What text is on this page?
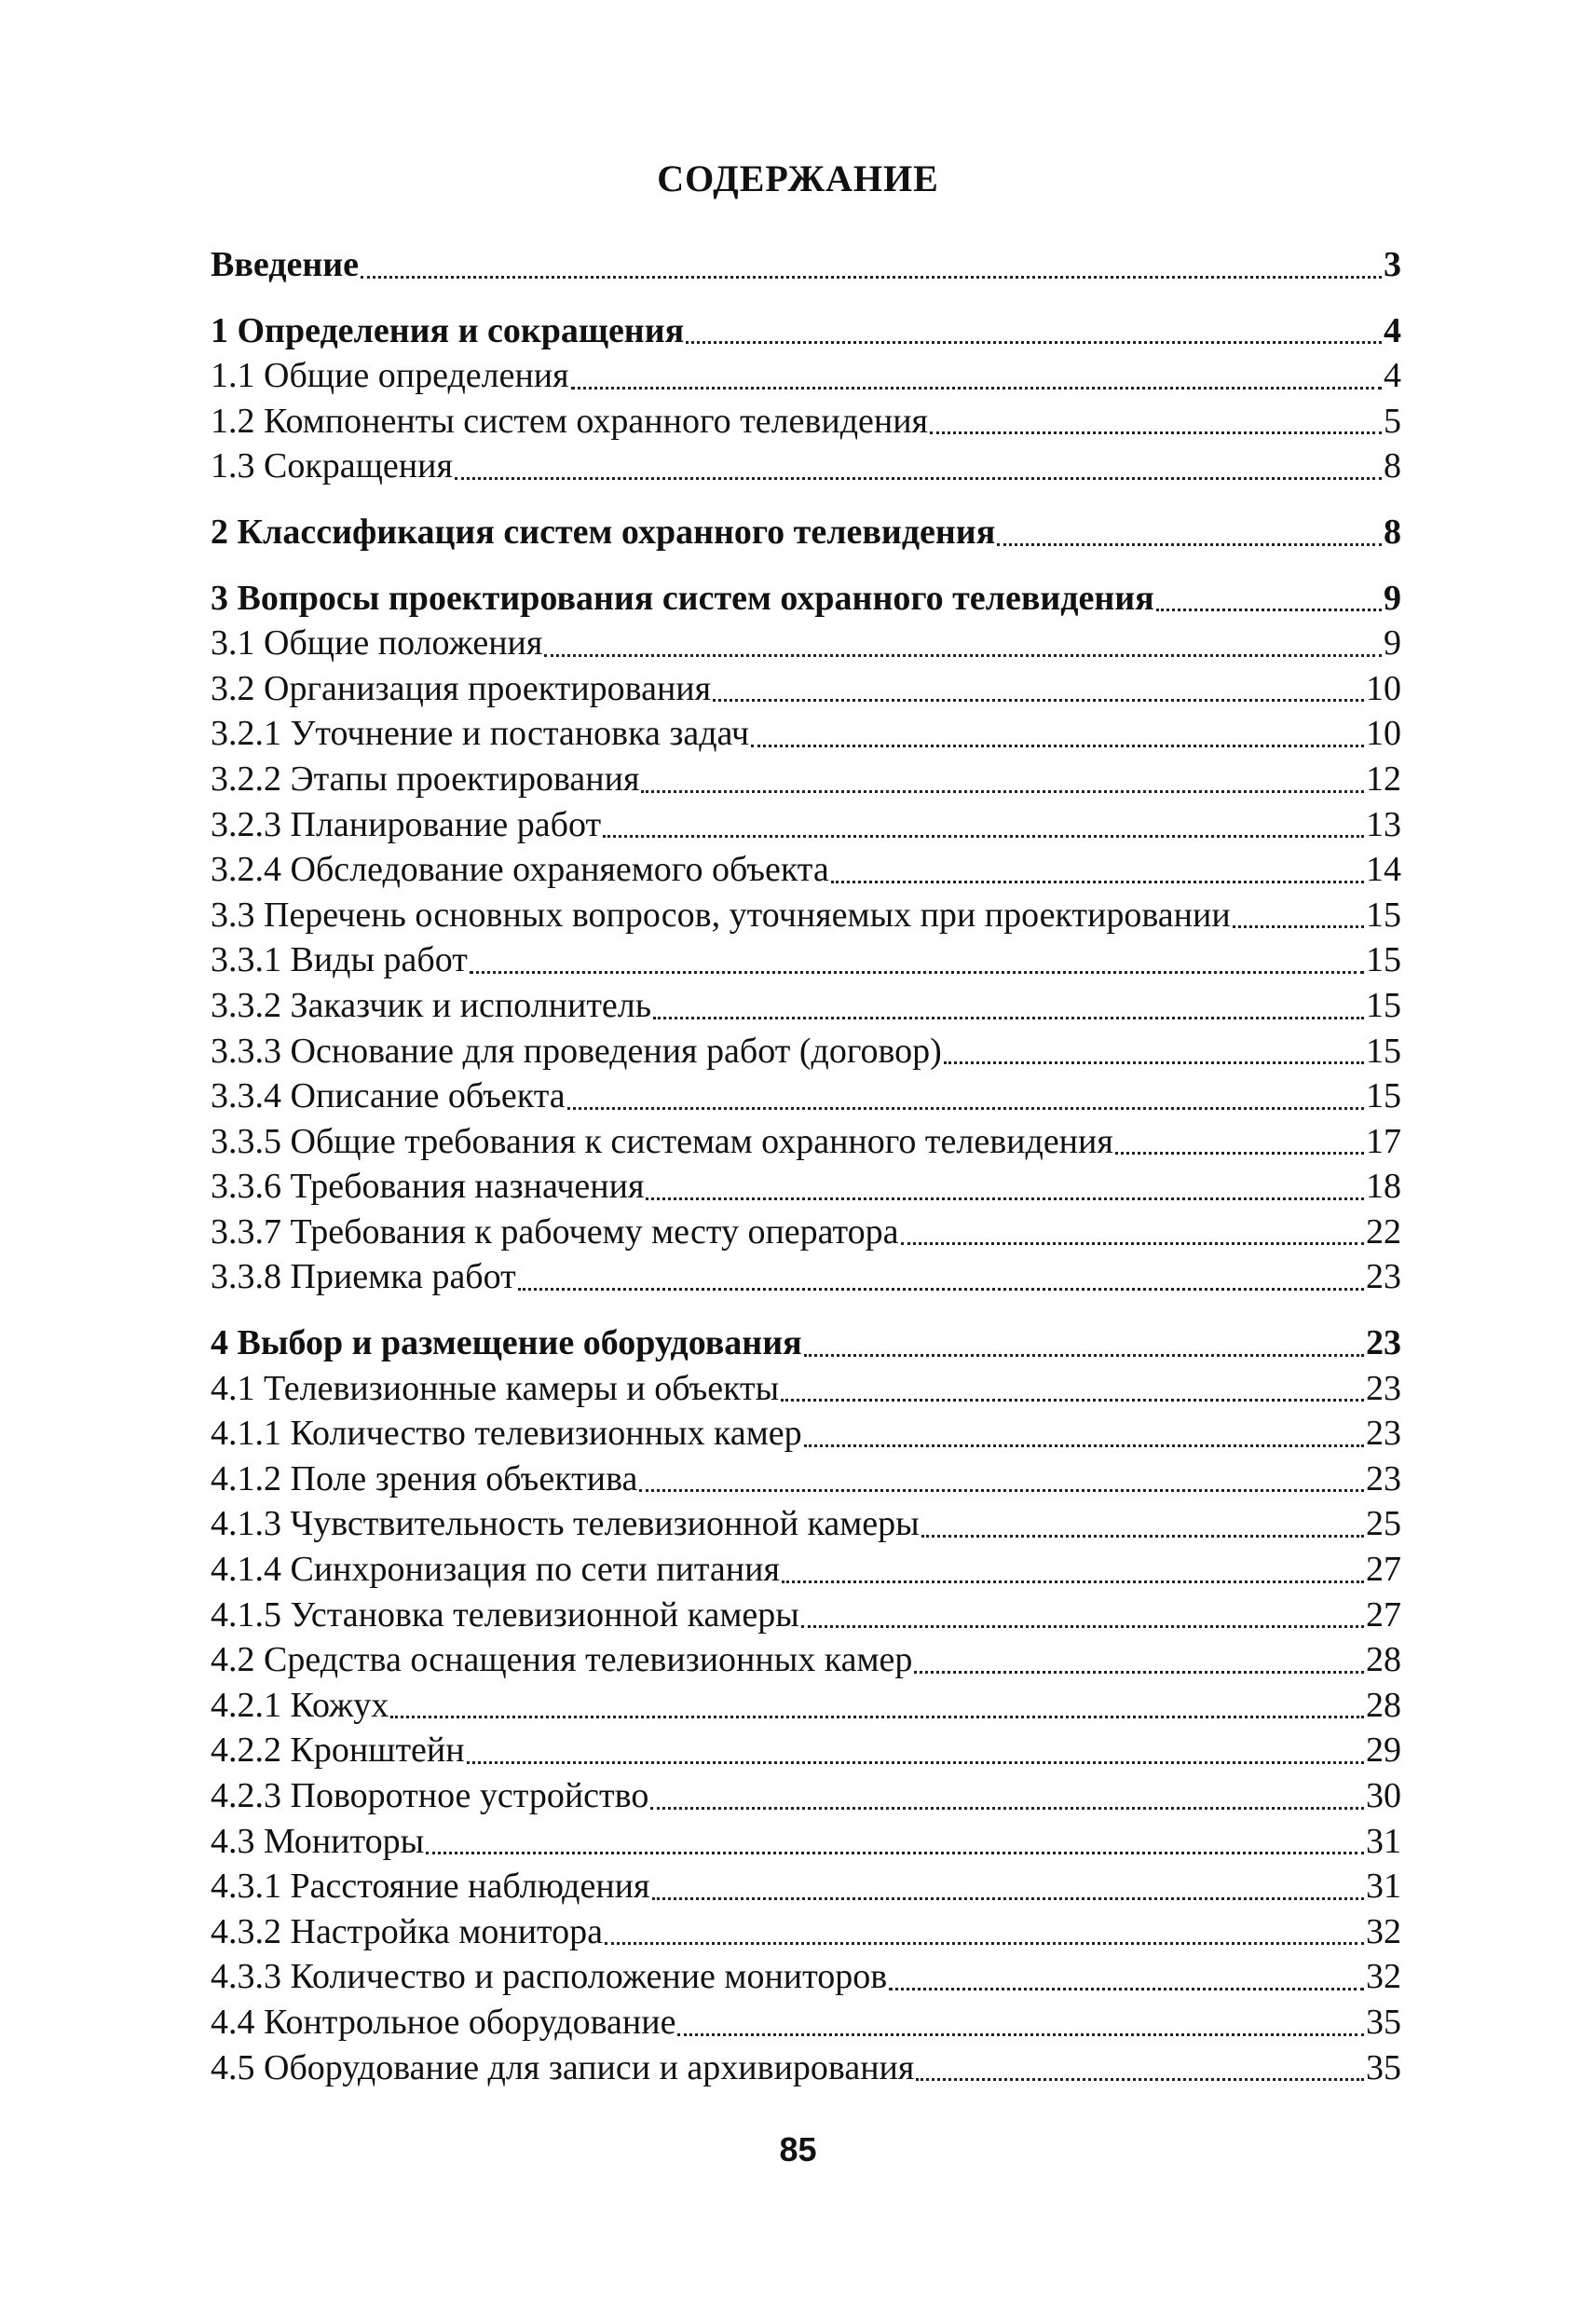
СОДЕРЖАНИЕ
Введение	3
1 Определения и сокращения	4
1.1 Общие определения	4
1.2 Компоненты систем охранного телевидения	5
1.3 Сокращения	8
2 Классификация систем охранного телевидения	8
3 Вопросы проектирования систем охранного телевидения	9
3.1 Общие положения	9
3.2 Организация проектирования	10
3.2.1 Уточнение и постановка задач	10
3.2.2 Этапы проектирования	12
3.2.3 Планирование работ	13
3.2.4 Обследование охраняемого объекта	14
3.3 Перечень основных вопросов, уточняемых при проектировании	15
3.3.1 Виды работ	15
3.3.2 Заказчик и исполнитель	15
3.3.3 Основание для проведения работ (договор)	15
3.3.4 Описание объекта	15
3.3.5 Общие требования к системам охранного телевидения	17
3.3.6 Требования назначения	18
3.3.7 Требования к рабочему месту оператора	22
3.3.8 Приемка работ	23
4 Выбор и размещение оборудования	23
4.1 Телевизионные камеры и объекты	23
4.1.1 Количество телевизионных камер	23
4.1.2 Поле зрения объектива	23
4.1.3 Чувствительность телевизионной камеры	25
4.1.4 Синхронизация по сети питания	27
4.1.5 Установка телевизионной камеры	27
4.2 Средства оснащения телевизионных камер	28
4.2.1 Кожух	28
4.2.2 Кронштейн	29
4.2.3 Поворотное устройство	30
4.3 Мониторы	31
4.3.1 Расстояние наблюдения	31
4.3.2 Настройка монитора	32
4.3.3 Количество и расположение мониторов	32
4.4 Контрольное оборудование	35
4.5 Оборудование для записи и архивирования	35
85
